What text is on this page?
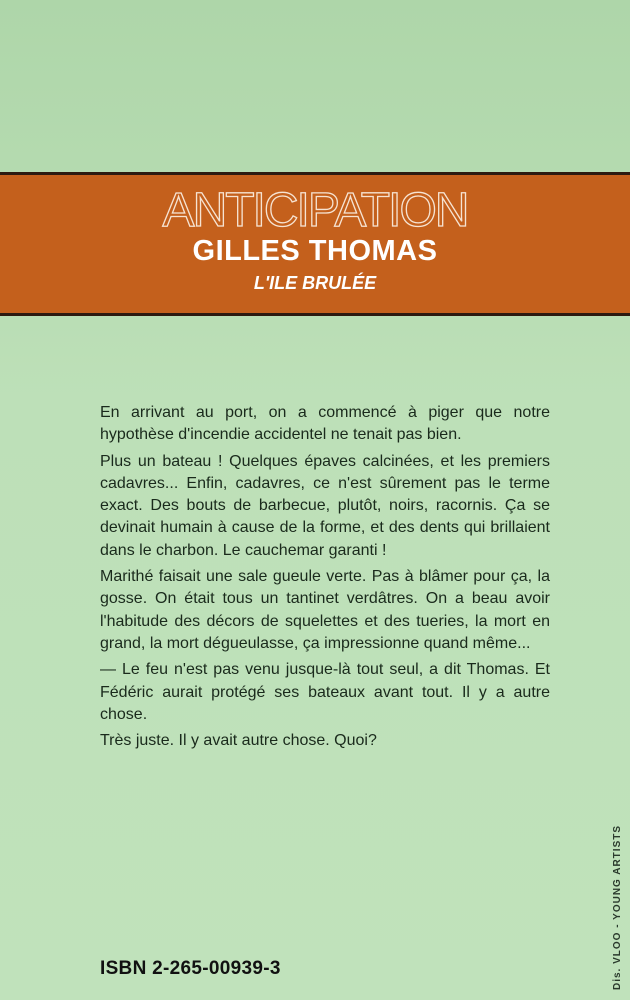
ANTICIPATION
GILLES THOMAS
L'ILE BRULÉE

En arrivant au port, on a commencé à piger que notre hypothèse d'incendie accidentel ne tenait pas bien.

Plus un bateau ! Quelques épaves calcinées, et les premiers cadavres... Enfin, cadavres, ce n'est sûrement pas le terme exact. Des bouts de barbecue, plutôt, noirs, racornis. Ça se devinait humain à cause de la forme, et des dents qui brillaient dans le charbon. Le cauchemar garanti !

Marithé faisait une sale gueule verte. Pas à blâmer pour ça, la gosse. On était tous un tantinet verdâtres. On a beau avoir l'habitude des décors de squelettes et des tueries, la mort en grand, la mort dégueulasse, ça impressionne quand même...

— Le feu n'est pas venu jusque-là tout seul, a dit Thomas. Et Fédéric aurait protégé ses bateaux avant tout. Il y a autre chose.

Très juste. Il y avait autre chose. Quoi?

ISBN 2-265-00939-3	Dis. VLOO - YOUNG ARTISTS
